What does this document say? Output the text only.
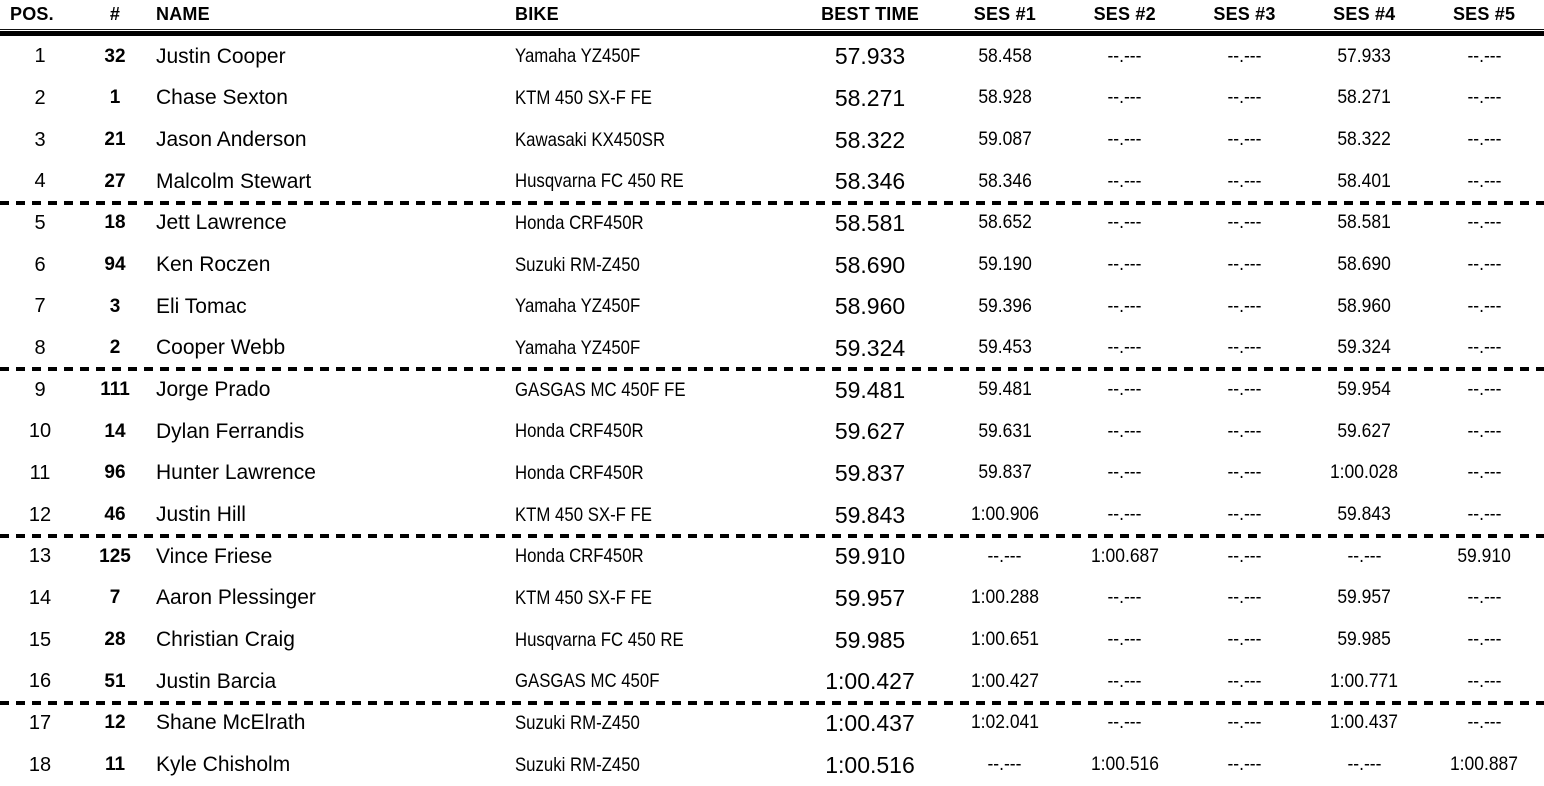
POS.	#	NAME	BIKE	BEST TIME	SES #1	SES #2	SES #3	SES #4	SES #5
1	32	Justin Cooper	Yamaha YZ450F	57.933	58.458	--.---	--.---	57.933	--.---
2	1	Chase Sexton	KTM 450 SX-F FE	58.271	58.928	--.---	--.---	58.271	--.---
3	21	Jason Anderson	Kawasaki KX450SR	58.322	59.087	--.---	--.---	58.322	--.---
4	27	Malcolm Stewart	Husqvarna FC 450 RE	58.346	58.346	--.---	--.---	58.401	--.---
5	18	Jett Lawrence	Honda CRF450R	58.581	58.652	--.---	--.---	58.581	--.---
6	94	Ken Roczen	Suzuki RM-Z450	58.690	59.190	--.---	--.---	58.690	--.---
7	3	Eli Tomac	Yamaha YZ450F	58.960	59.396	--.---	--.---	58.960	--.---
8	2	Cooper Webb	Yamaha YZ450F	59.324	59.453	--.---	--.---	59.324	--.---
9	111	Jorge Prado	GASGAS MC 450F FE	59.481	59.481	--.---	--.---	59.954	--.---
10	14	Dylan Ferrandis	Honda CRF450R	59.627	59.631	--.---	--.---	59.627	--.---
11	96	Hunter Lawrence	Honda CRF450R	59.837	59.837	--.---	--.---	1:00.028	--.---
12	46	Justin Hill	KTM 450 SX-F FE	59.843	1:00.906	--.---	--.---	59.843	--.---
13	125	Vince Friese	Honda CRF450R	59.910	--.---	1:00.687	--.---	--.---	59.910
14	7	Aaron Plessinger	KTM 450 SX-F FE	59.957	1:00.288	--.---	--.---	59.957	--.---
15	28	Christian Craig	Husqvarna FC 450 RE	59.985	1:00.651	--.---	--.---	59.985	--.---
16	51	Justin Barcia	GASGAS MC 450F	1:00.427	1:00.427	--.---	--.---	1:00.771	--.---
17	12	Shane McElrath	Suzuki RM-Z450	1:00.437	1:02.041	--.---	--.---	1:00.437	--.---
18	11	Kyle Chisholm	Suzuki RM-Z450	1:00.516	--.---	1:00.516	--.---	--.---	1:00.887
